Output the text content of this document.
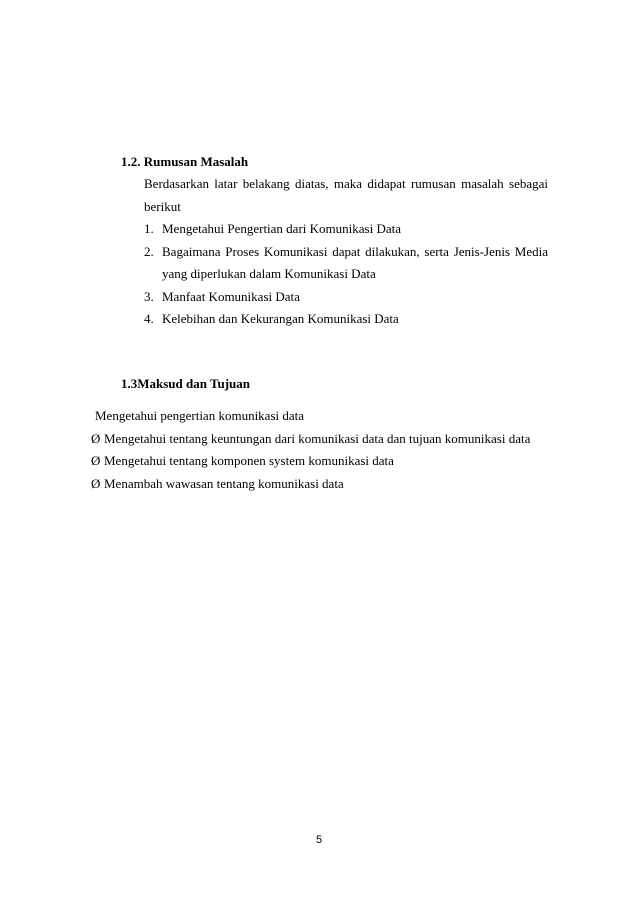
1.2. Rumusan Masalah
Berdasarkan latar belakang diatas, maka didapat rumusan masalah sebagai
berikut
1. Mengetahui Pengertian dari Komunikasi Data
2. Bagaimana Proses Komunikasi dapat dilakukan, serta Jenis-Jenis Media
yang diperlukan dalam Komunikasi Data
3. Manfaat Komunikasi Data
4. Kelebihan dan Kekurangan Komunikasi Data
1.3Maksud dan Tujuan
Mengetahui pengertian komunikasi data
Ø Mengetahui tentang keuntungan dari komunikasi data dan tujuan komunikasi data
Ø Mengetahui tentang komponen system komunikasi data
Ø Menambah wawasan tentang komunikasi data
5
